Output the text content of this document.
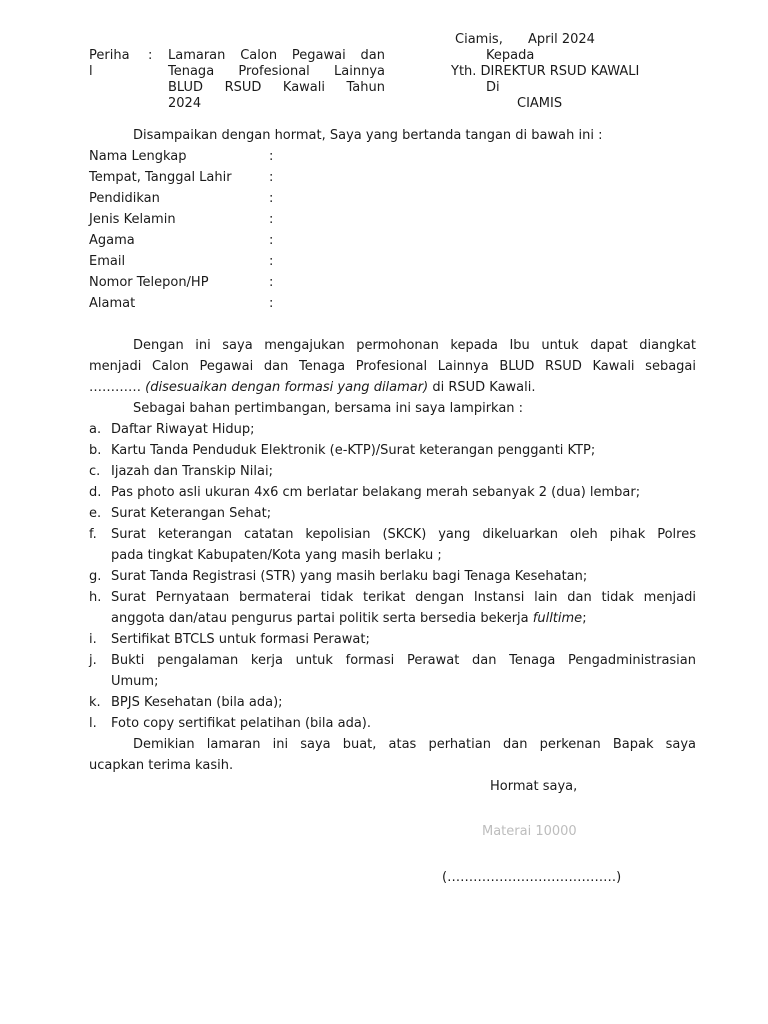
Periha
l
: Lamaran Calon Pegawai dan
Tenaga Profesional Lainnya
BLUD RSUD Kawali Tahun
2024
Ciamis, April 2024
Kepada
Yth. DIREKTUR RSUD KAWALI
Di
CIAMIS
Disampaikan dengan hormat, Saya yang bertanda tangan di bawah ini :
Nama Lengkap	:
Tempat, Tanggal Lahir	:
Pendidikan	:
Jenis Kelamin	:
Agama	:
Email	:
Nomor Telepon/HP	:
Alamat	:
Dengan ini saya mengajukan permohonan kepada Ibu untuk dapat diangkat
menjadi Calon Pegawai dan Tenaga Profesional Lainnya BLUD RSUD Kawali sebagai
………… (disesuaikan dengan formasi yang dilamar) di RSUD Kawali.
Sebagai bahan pertimbangan, bersama ini saya lampirkan :
a. Daftar Riwayat Hidup;
b. Kartu Tanda Penduduk Elektronik (e-KTP)/Surat keterangan pengganti KTP;
c. Ijazah dan Transkip Nilai;
d. Pas photo asli ukuran 4x6 cm berlatar belakang merah sebanyak 2 (dua) lembar;
e. Surat Keterangan Sehat;
f. Surat keterangan catatan kepolisian (SKCK) yang dikeluarkan oleh pihak Polres
pada tingkat Kabupaten/Kota yang masih berlaku ;
g. Surat Tanda Registrasi (STR) yang masih berlaku bagi Tenaga Kesehatan;
h. Surat Pernyataan bermaterai tidak terikat dengan Instansi lain dan tidak menjadi
anggota dan/atau pengurus partai politik serta bersedia bekerja fulltime;
i. Sertifikat BTCLS untuk formasi Perawat;
j. Bukti pengalaman kerja untuk formasi Perawat dan Tenaga Pengadministrasian
Umum;
k. BPJS Kesehatan (bila ada);
l. Foto copy sertifikat pelatihan (bila ada).
Demikian lamaran ini saya buat, atas perhatian dan perkenan Bapak saya
ucapkan terima kasih.
Hormat saya,
Materai 10000
(…………………………………)
